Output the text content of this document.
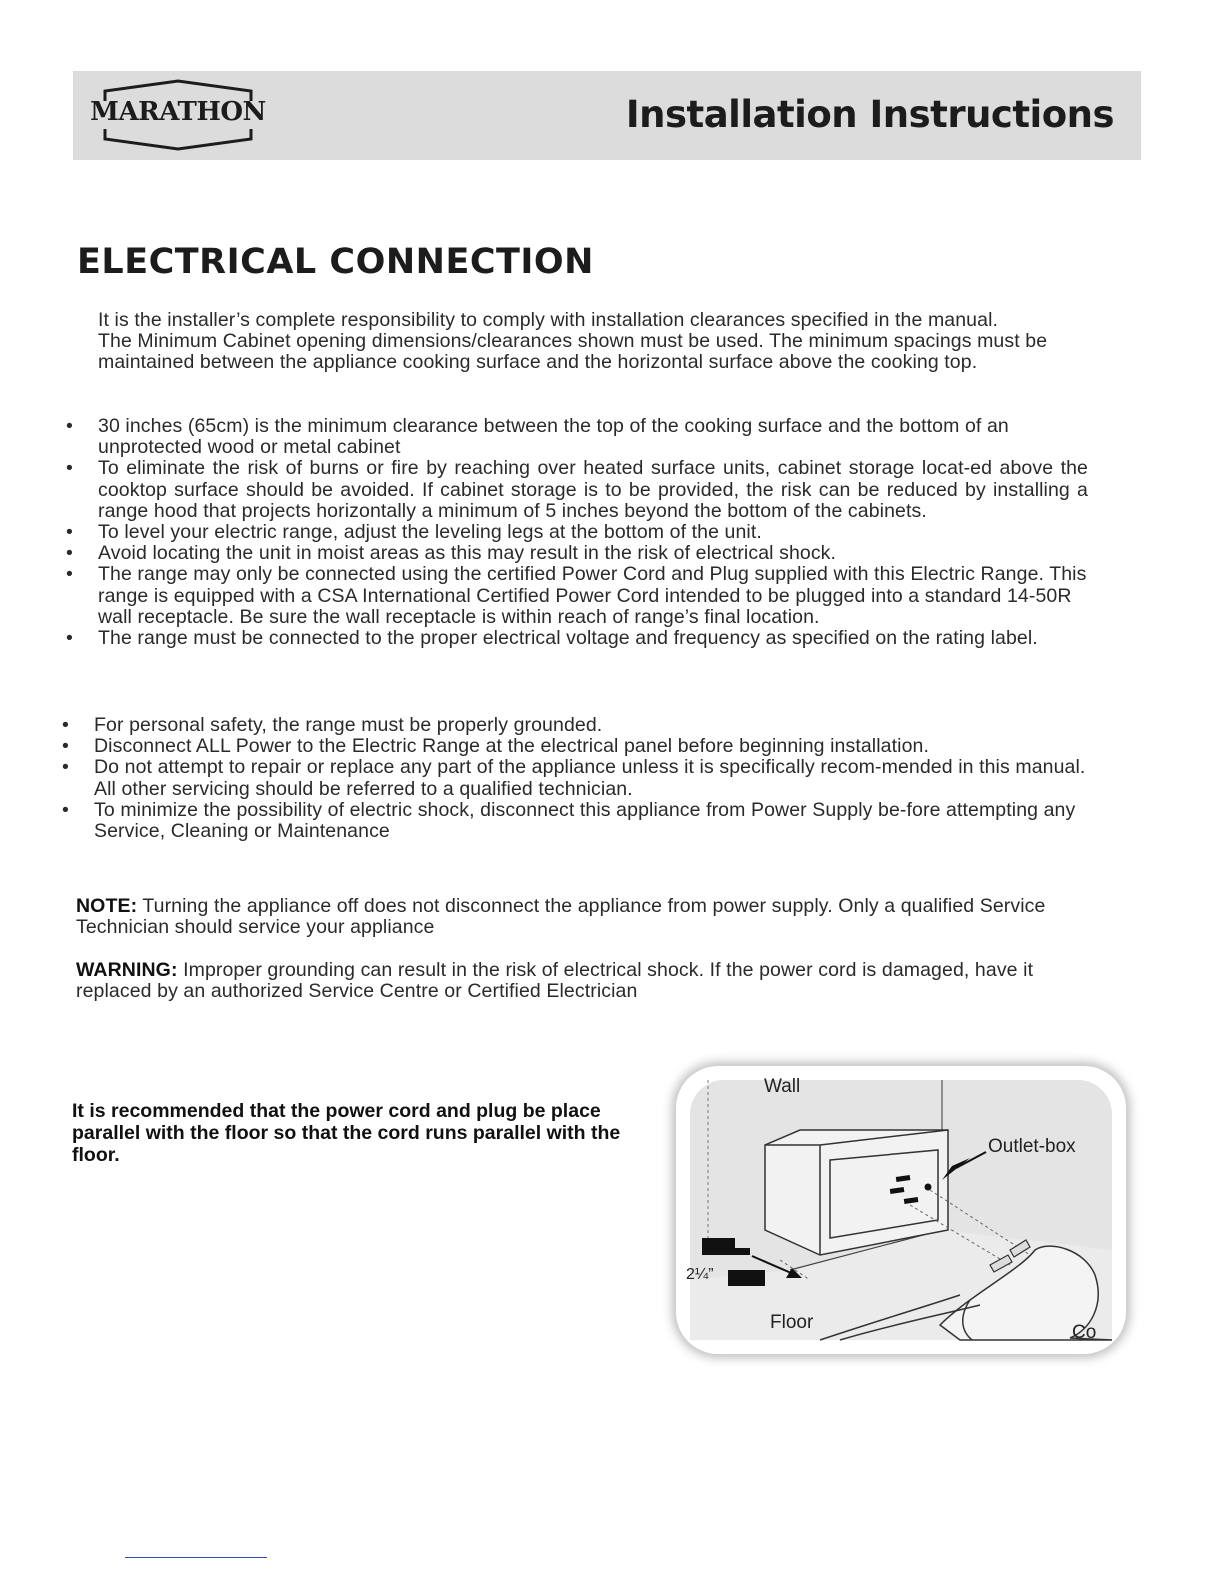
MARATHON	Installation Instructions
ELECTRICAL CONNECTION

It is the installer’s complete responsibility to comply with installation clearances specified in the manual.

The Minimum Cabinet opening dimensions/clearances shown must be used. The minimum spacings must be maintained between the appliance cooking surface and the horizontal surface above the cooking top.

• 30 inches (65cm) is the minimum clearance between the top of the cooking surface and the bottom of an unprotected wood or metal cabinet
• To eliminate the risk of burns or fire by reaching over heated surface units, cabinet storage locat-ed above the cooktop surface should be avoided. If cabinet storage is to be provided, the risk can be reduced by installing a range hood that projects horizontally a minimum of 5 inches beyond the bottom of the cabinets.
• To level your electric range, adjust the leveling legs at the bottom of the unit.
• Avoid locating the unit in moist areas as this may result in the risk of electrical shock.
• The range may only be connected using the certified Power Cord and Plug supplied with this Electric Range. This range is equipped with a CSA International Certified Power Cord intended to be plugged into a standard 14-50R wall receptacle. Be sure the wall receptacle is within reach of range’s final location.
• The range must be connected to the proper electrical voltage and frequency as specified on the rating label.
• For personal safety, the range must be properly grounded.
• Disconnect ALL Power to the Electric Range at the electrical panel before beginning installation.
• Do not attempt to repair or replace any part of the appliance unless it is specifically recom-mended in this manual. All other servicing should be referred to a qualified technician.
• To minimize the possibility of electric shock, disconnect this appliance from Power Supply be-fore attempting any Service, Cleaning or Maintenance

NOTE: Turning the appliance off does not disconnect the appliance from power supply. Only a qualified Service Technician should service your appliance

WARNING: Improper grounding can result in the risk of electrical shock. If the power cord is damaged, have it replaced by an authorized Service Centre or Certified Electrician

It is recommended that the power cord and plug be place parallel with the floor so that the cord runs parallel with the floor.

Wall
Outlet-box
2¼”
Floor	Co
